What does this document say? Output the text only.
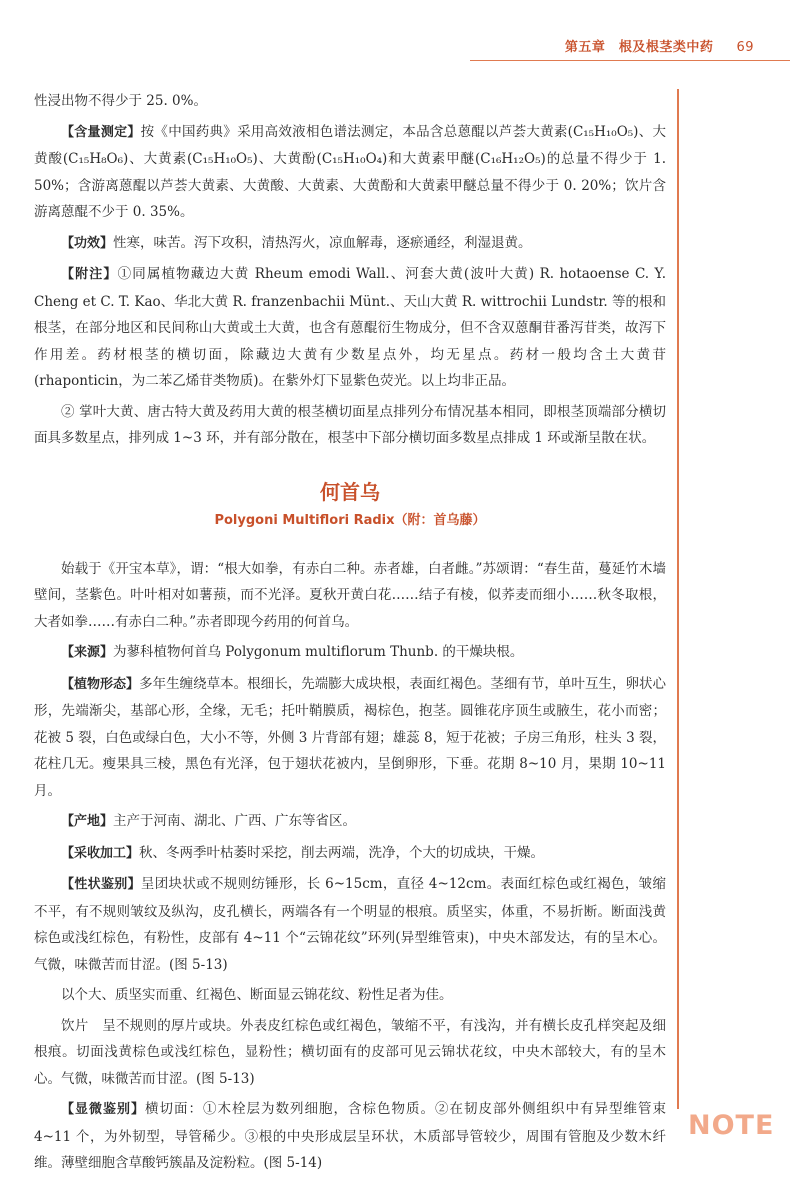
第五章　根及根茎类中药 69

性浸出物不得少于 25. 0%。

【含量测定】按《中国药典》采用高效液相色谱法测定，本品含总蒽醌以芦荟大黄素(C₁₅H₁₀O₅)、大黄酸(C₁₅H₈O₆)、大黄素(C₁₅H₁₀O₅)、大黄酚(C₁₅H₁₀O₄)和大黄素甲醚(C₁₆H₁₂O₅)的总量不得少于 1. 50%；含游离蒽醌以芦荟大黄素、大黄酸、大黄素、大黄酚和大黄素甲醚总量不得少于 0. 20%；饮片含游离蒽醌不少于 0. 35%。

【功效】性寒，味苦。泻下攻积，清热泻火，凉血解毒，逐瘀通经，利湿退黄。

【附注】①同属植物藏边大黄 Rheum emodi Wall.、河套大黄(波叶大黄) R. hotaoense C. Y. Cheng et C. T. Kao、华北大黄 R. franzenbachii Münt.、天山大黄 R. wittrochii Lundstr. 等的根和根茎，在部分地区和民间称山大黄或土大黄，也含有蒽醌衍生物成分，但不含双蒽酮苷番泻苷类，故泻下作用差。药材根茎的横切面，除藏边大黄有少数星点外，均无星点。药材一般均含土大黄苷(rhaponticin，为二苯乙烯苷类物质)。在紫外灯下显紫色荧光。以上均非正品。

② 掌叶大黄、唐古特大黄及药用大黄的根茎横切面星点排列分布情况基本相同，即根茎顶端部分横切面具多数星点，排列成 1~3 环，并有部分散在，根茎中下部分横切面多数星点排成 1 环或渐呈散在状。

何首乌
Polygoni Multiflori Radix（附：首乌藤）

始载于《开宝本草》，谓：“根大如拳，有赤白二种。赤者雄，白者雌。”苏颂谓：“春生苗，蔓延竹木墙壁间，茎紫色。叶叶相对如薯蓣，而不光泽。夏秋开黄白花……结子有棱，似荞麦而细小……秋冬取根，大者如拳……有赤白二种。”赤者即现今药用的何首乌。

【来源】为蓼科植物何首乌 Polygonum multiflorum Thunb. 的干燥块根。

【植物形态】多年生缠绕草本。根细长，先端膨大成块根，表面红褐色。茎细有节，单叶互生，卵状心形，先端渐尖，基部心形，全缘，无毛；托叶鞘膜质，褐棕色，抱茎。圆锥花序顶生或腋生，花小而密；花被 5 裂，白色或绿白色，大小不等，外侧 3 片背部有翅；雄蕊 8，短于花被；子房三角形，柱头 3 裂，花柱几无。瘦果具三棱，黑色有光泽，包于翅状花被内，呈倒卵形，下垂。花期 8~10 月，果期 10~11 月。

【产地】主产于河南、湖北、广西、广东等省区。

【采收加工】秋、冬两季叶枯萎时采挖，削去两端，洗净，个大的切成块，干燥。

【性状鉴别】呈团块状或不规则纺锤形，长 6~15cm，直径 4~12cm。表面红棕色或红褐色，皱缩不平，有不规则皱纹及纵沟，皮孔横长，两端各有一个明显的根痕。质坚实，体重，不易折断。断面浅黄棕色或浅红棕色，有粉性，皮部有 4~11 个“云锦花纹”环列(异型维管束)，中央木部发达，有的呈木心。气微，味微苦而甘涩。(图 5-13)

以个大、质坚实而重、红褐色、断面显云锦花纹、粉性足者为佳。

饮片　呈不规则的厚片或块。外表皮红棕色或红褐色，皱缩不平，有浅沟，并有横长皮孔样突起及细根痕。切面浅黄棕色或浅红棕色，显粉性；横切面有的皮部可见云锦状花纹，中央木部较大，有的呈木心。气微，味微苦而甘涩。(图 5-13)

【显微鉴别】横切面：①木栓层为数列细胞，含棕色物质。②在韧皮部外侧组织中有异型维管束 4~11 个，为外韧型，导管稀少。③根的中央形成层呈环状，木质部导管较少，周围有管胞及少数木纤维。薄壁细胞含草酸钙簇晶及淀粉粒。(图 5-14)

NOTE
